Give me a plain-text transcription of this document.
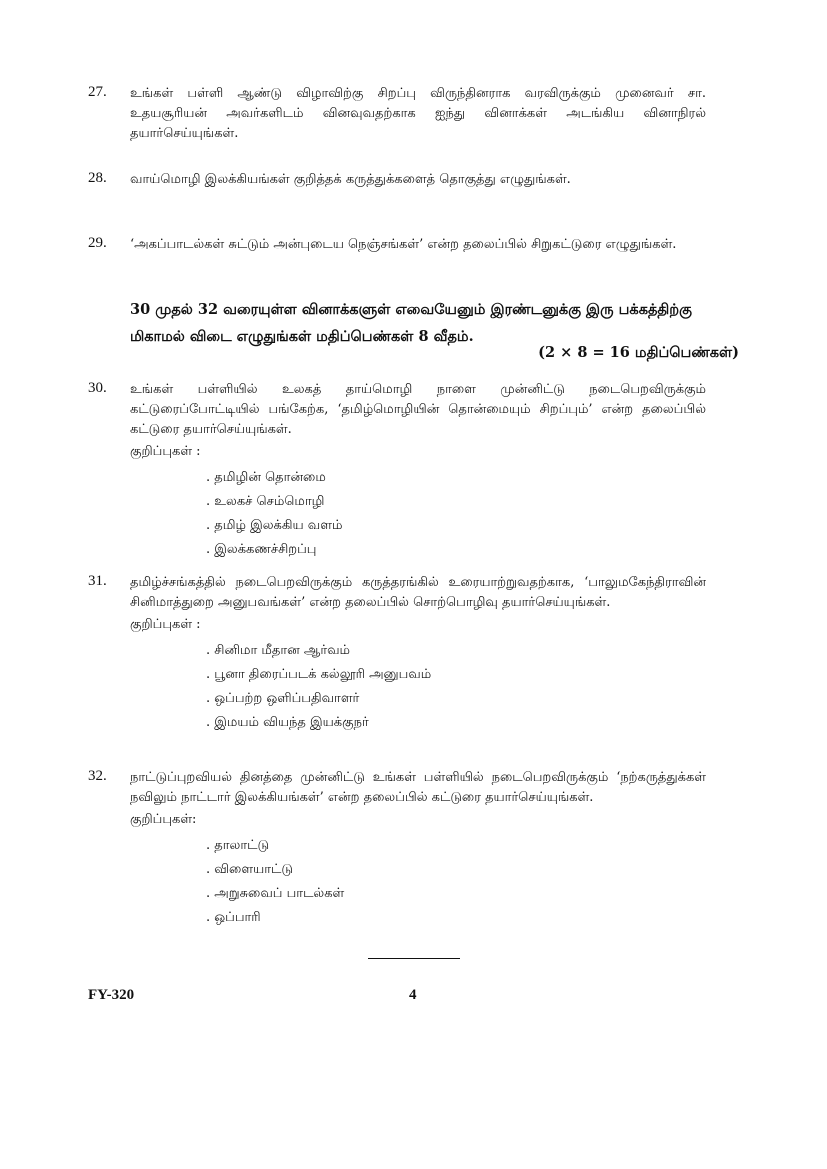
27. உங்கள் பள்ளி ஆண்டு விழாவிற்கு சிறப்பு விருந்தினராக வரவிருக்கும் முனைவர் சா. உதயசூரியன் அவர்களிடம் வினவுவதற்காக ஐந்து வினாக்கள் அடங்கிய வினாநிரல் தயார்செய்யுங்கள்.
28. வாய்மொழி இலக்கியங்கள் குறித்தக் கருத்துக்களைத் தொகுத்து எழுதுங்கள்.
29. ‘அகப்பாடல்கள் சுட்டும் அன்புடைய நெஞ்சங்கள்’ என்ற தலைப்பில் சிறுகட்டுரை எழுதுங்கள்.
30 முதல் 32 வரையுள்ள வினாக்களுள் எவையேனும் இரண்டனுக்கு இரு பக்கத்திற்கு மிகாமல் விடை எழுதுங்கள் மதிப்பெண்கள் 8 வீதம்.
(2 × 8 = 16 மதிப்பெண்கள்)
30. உங்கள் பள்ளியில் உலகத் தாய்மொழி நாளை முன்னிட்டு நடைபெறவிருக்கும் கட்டுரைப்போட்டியில் பங்கேற்க, ‘தமிழ்மொழியின் தொன்மையும் சிறப்பும்’ என்ற தலைப்பில் கட்டுரை தயார்செய்யுங்கள்.
குறிப்புகள் :
. தமிழின் தொன்மை
. உலகச் செம்மொழி
. தமிழ் இலக்கிய வளம்
. இலக்கணச்சிறப்பு
31. தமிழ்ச்சங்கத்தில் நடைபெறவிருக்கும் கருத்தரங்கில் உரையாற்றுவதற்காக, ‘பாலுமகேந்திராவின் சினிமாத்துறை அனுபவங்கள்’ என்ற தலைப்பில் சொற்பொழிவு தயார்செய்யுங்கள்.
குறிப்புகள் :
. சினிமா மீதான ஆர்வம்
. பூனா திரைப்படக் கல்லூரி அனுபவம்
. ஒப்பற்ற ஒளிப்பதிவாளர்
. இமயம் வியந்த இயக்குநர்
32. நாட்டுப்புறவியல் தினத்தை முன்னிட்டு உங்கள் பள்ளியில் நடைபெறவிருக்கும் ‘நற்கருத்துக்கள் நவிலும் நாட்டார் இலக்கியங்கள்’ என்ற தலைப்பில் கட்டுரை தயார்செய்யுங்கள்.
குறிப்புகள்:
. தாலாட்டு
. விளையாட்டு
. அறுசுவைப் பாடல்கள்
. ஒப்பாரி
FY-320	4
